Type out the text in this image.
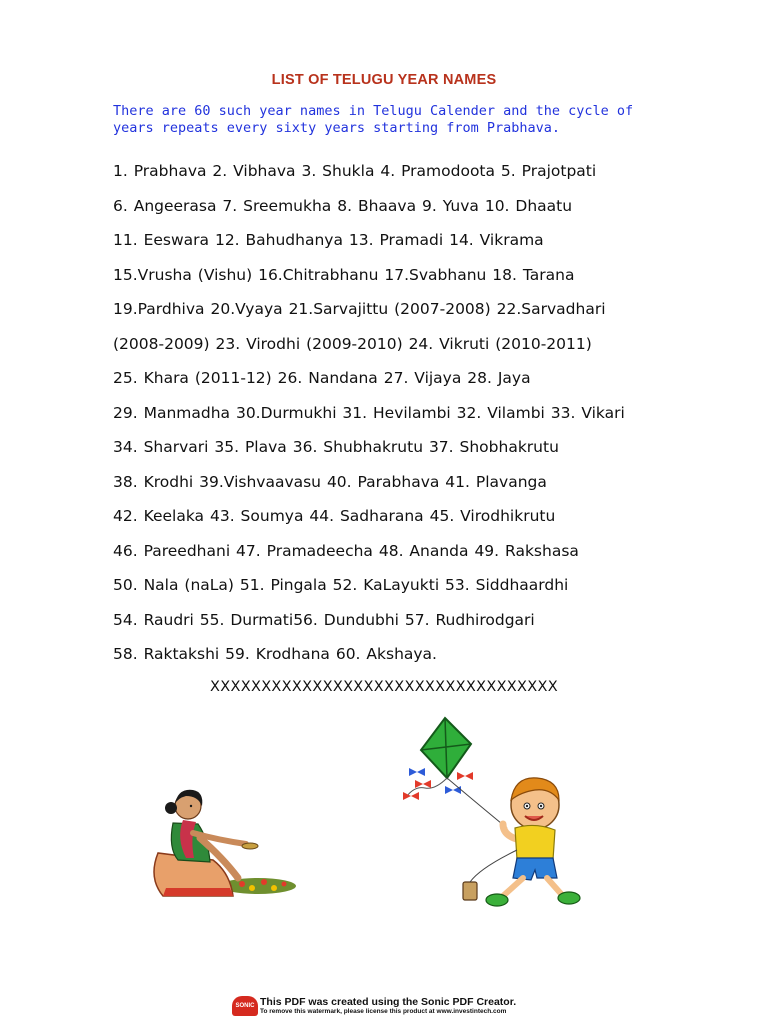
LIST OF TELUGU YEAR NAMES

There are 60 such year names in Telugu Calender and the cycle of

years repeats every sixty years starting from Prabhava.

1. Prabhava 2. Vibhava 3. Shukla 4. Pramodoota 5. Prajotpati
6. Angeerasa 7. Sreemukha 8. Bhaava 9. Yuva 10. Dhaatu
11. Eeswara 12. Bahudhanya 13. Pramadi 14. Vikrama
15.Vrusha (Vishu) 16.Chitrabhanu 17.Svabhanu 18. Tarana
19.Pardhiva 20.Vyaya 21.Sarvajittu (2007-2008) 22.Sarvadhari
(2008-2009) 23. Virodhi (2009-2010) 24. Vikruti (2010-2011)
25. Khara (2011-12) 26. Nandana 27. Vijaya 28. Jaya
29. Manmadha 30.Durmukhi 31. Hevilambi 32. Vilambi 33. Vikari
34. Sharvari 35. Plava 36. Shubhakrutu 37. Shobhakrutu
38. Krodhi 39.Vishvaavasu 40. Parabhava 41. Plavanga
42. Keelaka 43. Soumya 44. Sadharana 45. Virodhikrutu
46. Pareedhani 47. Pramadeecha 48. Ananda 49. Rakshasa
50. Nala (naLa) 51. Pingala 52. KaLayukti 53. Siddhaardhi
54. Raudri 55. Durmati56. Dundubhi 57. Rudhirodgari
58. Raktakshi 59. Krodhana 60. Akshaya.
XXXXXXXXXXXXXXXXXXXXXXXXXXXXXXXXXX
SONIC PDF
This PDF was created using the Sonic PDF Creator.
To remove this watermark, please license this product at www.investintech.com
